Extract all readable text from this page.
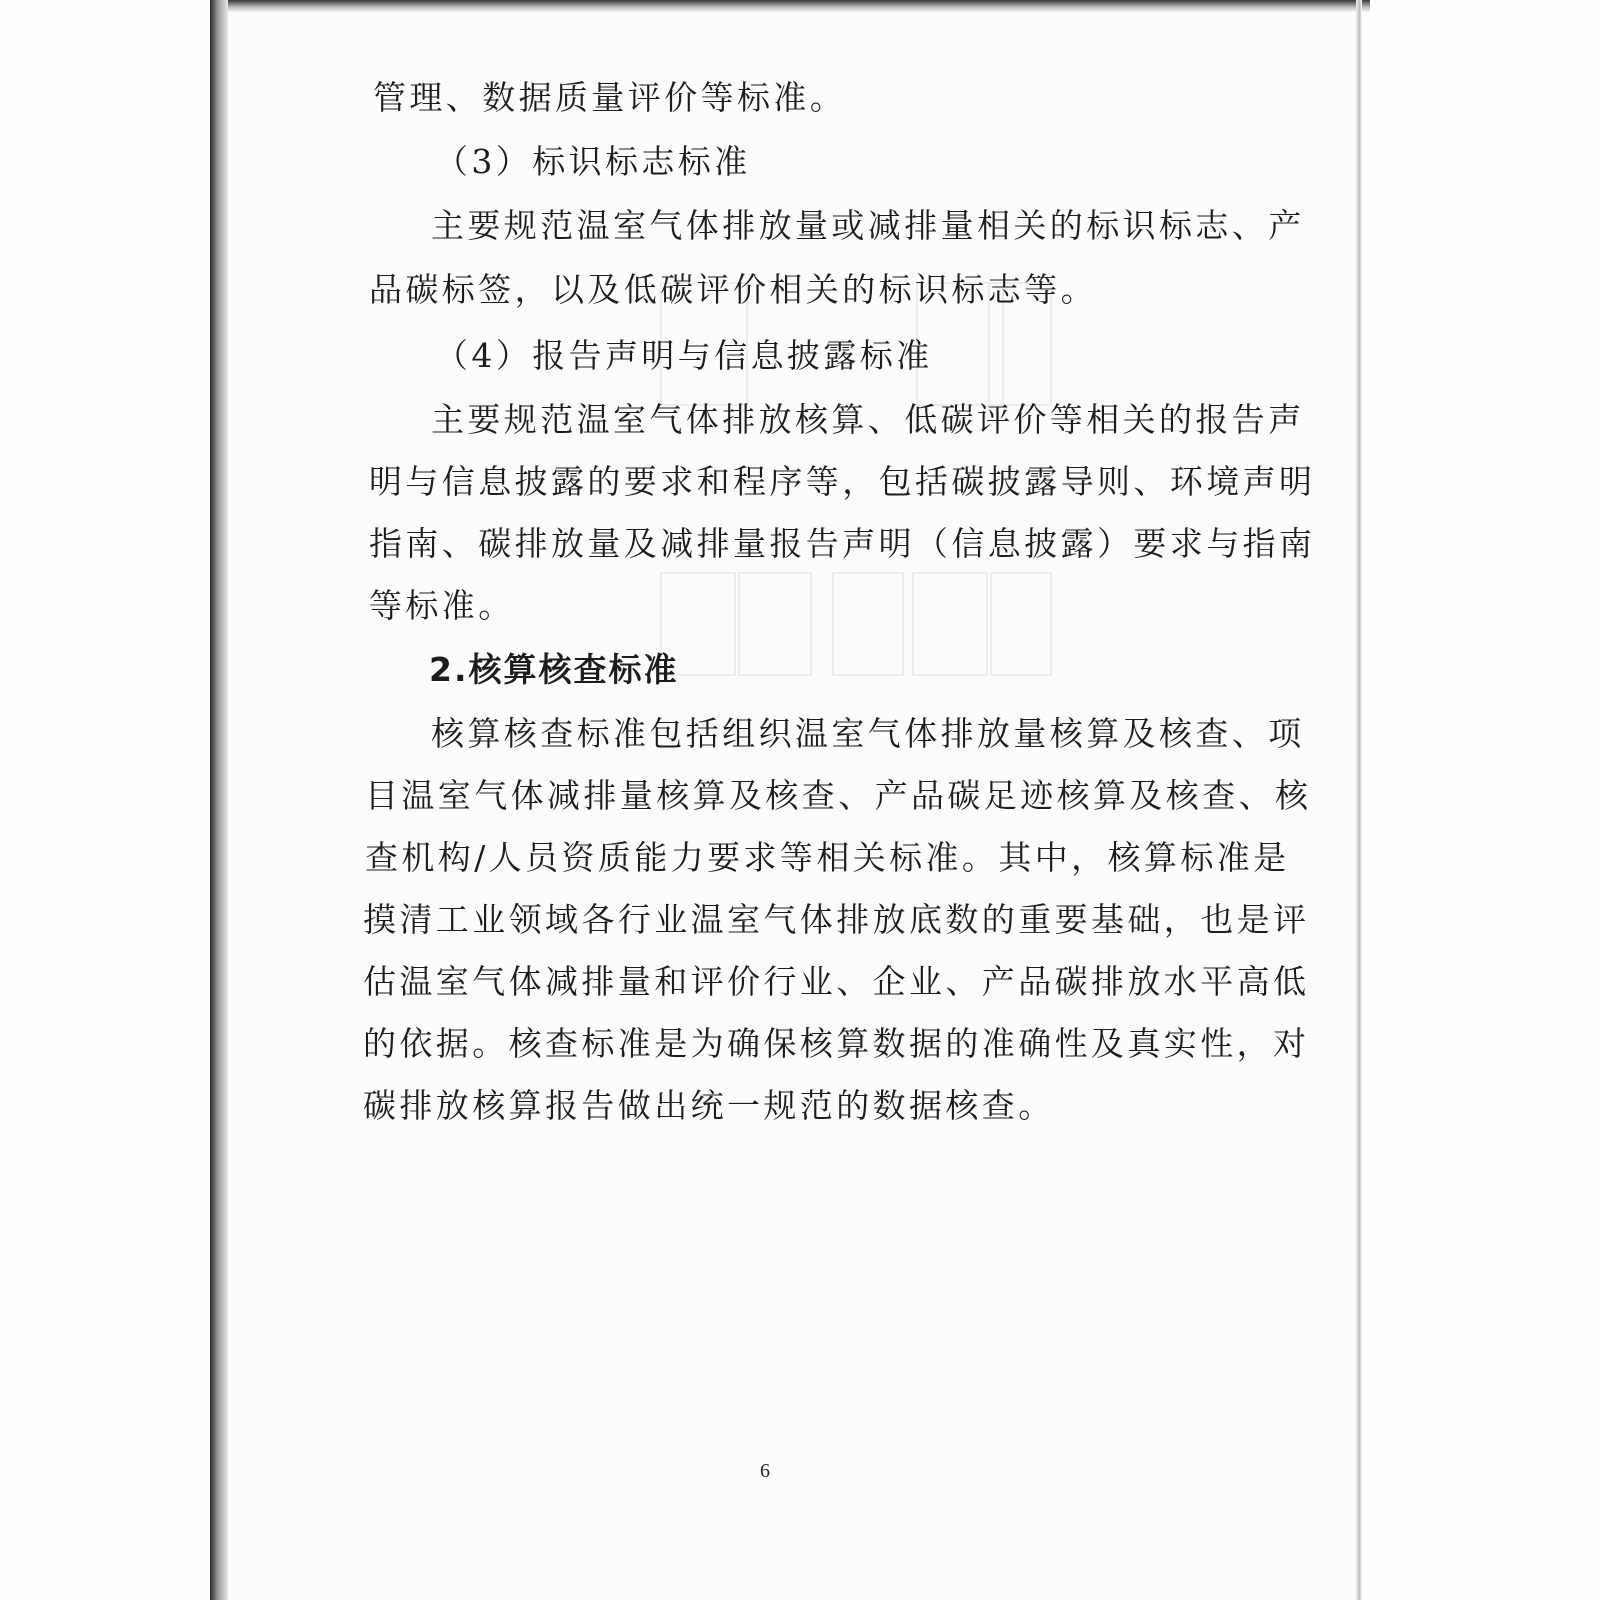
管理、数据质量评价等标准。
（3）标识标志标准
主要规范温室气体排放量或减排量相关的标识标志、产
品碳标签，以及低碳评价相关的标识标志等。
（4）报告声明与信息披露标准
主要规范温室气体排放核算、低碳评价等相关的报告声
明与信息披露的要求和程序等，包括碳披露导则、环境声明
指南、碳排放量及减排量报告声明（信息披露）要求与指南
等标准。
2.核算核查标准
核算核查标准包括组织温室气体排放量核算及核查、项
目温室气体减排量核算及核查、产品碳足迹核算及核查、核
查机构/人员资质能力要求等相关标准。其中，核算标准是
摸清工业领域各行业温室气体排放底数的重要基础，也是评
估温室气体减排量和评价行业、企业、产品碳排放水平高低
的依据。核查标准是为确保核算数据的准确性及真实性，对
碳排放核算报告做出统一规范的数据核查。
6
